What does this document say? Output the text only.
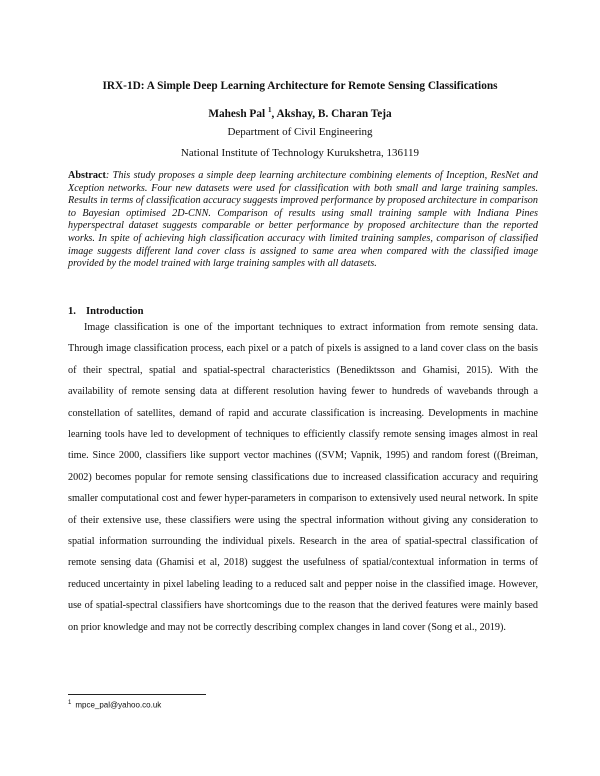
IRX-1D: A Simple Deep Learning Architecture for Remote Sensing Classifications
Mahesh Pal $^1$, Akshay, B. Charan Teja
Department of Civil Engineering
National Institute of Technology Kurukshetra, 136119
Abstract: This study proposes a simple deep learning architecture combining elements of Inception, ResNet and Xception networks. Four new datasets were used for classification with both small and large training samples. Results in terms of classification accuracy suggests improved performance by proposed architecture in comparison to Bayesian optimised 2D-CNN. Comparison of results using small training sample with Indiana Pines hyperspectral dataset suggests comparable or better performance by proposed architecture than the reported works. In spite of achieving high classification accuracy with limited training samples, comparison of classified image suggests different land cover class is assigned to same area when compared with the classified image provided by the model trained with large training samples with all datasets.
1. Introduction
Image classification is one of the important techniques to extract information from remote sensing data. Through image classification process, each pixel or a patch of pixels is assigned to a land cover class on the basis of their spectral, spatial and spatial-spectral characteristics (Benediktsson and Ghamisi, 2015). With the availability of remote sensing data at different resolution having fewer to hundreds of wavebands through a constellation of satellites, demand of rapid and accurate classification is increasing. Developments in machine learning tools have led to development of techniques to efficiently classify remote sensing images almost in real time. Since 2000, classifiers like support vector machines ((SVM; Vapnik, 1995) and random forest ((Breiman, 2002) becomes popular for remote sensing classifications due to increased classification accuracy and requiring smaller computational cost and fewer hyper-parameters in comparison to extensively used neural network. In spite of their extensive use, these classifiers were using the spectral information without giving any consideration to spatial information surrounding the individual pixels. Research in the area of spatial-spectral classification of remote sensing data (Ghamisi et al, 2018) suggest the usefulness of spatial/contextual information in terms of reduced uncertainty in pixel labeling leading to a reduced salt and pepper noise in the classified image. However, use of spatial-spectral classifiers have shortcomings due to the reason that the derived features were mainly based on prior knowledge and may not be correctly describing complex changes in land cover (Song et al., 2019).
$^1$ mpce_pal@yahoo.co.uk
